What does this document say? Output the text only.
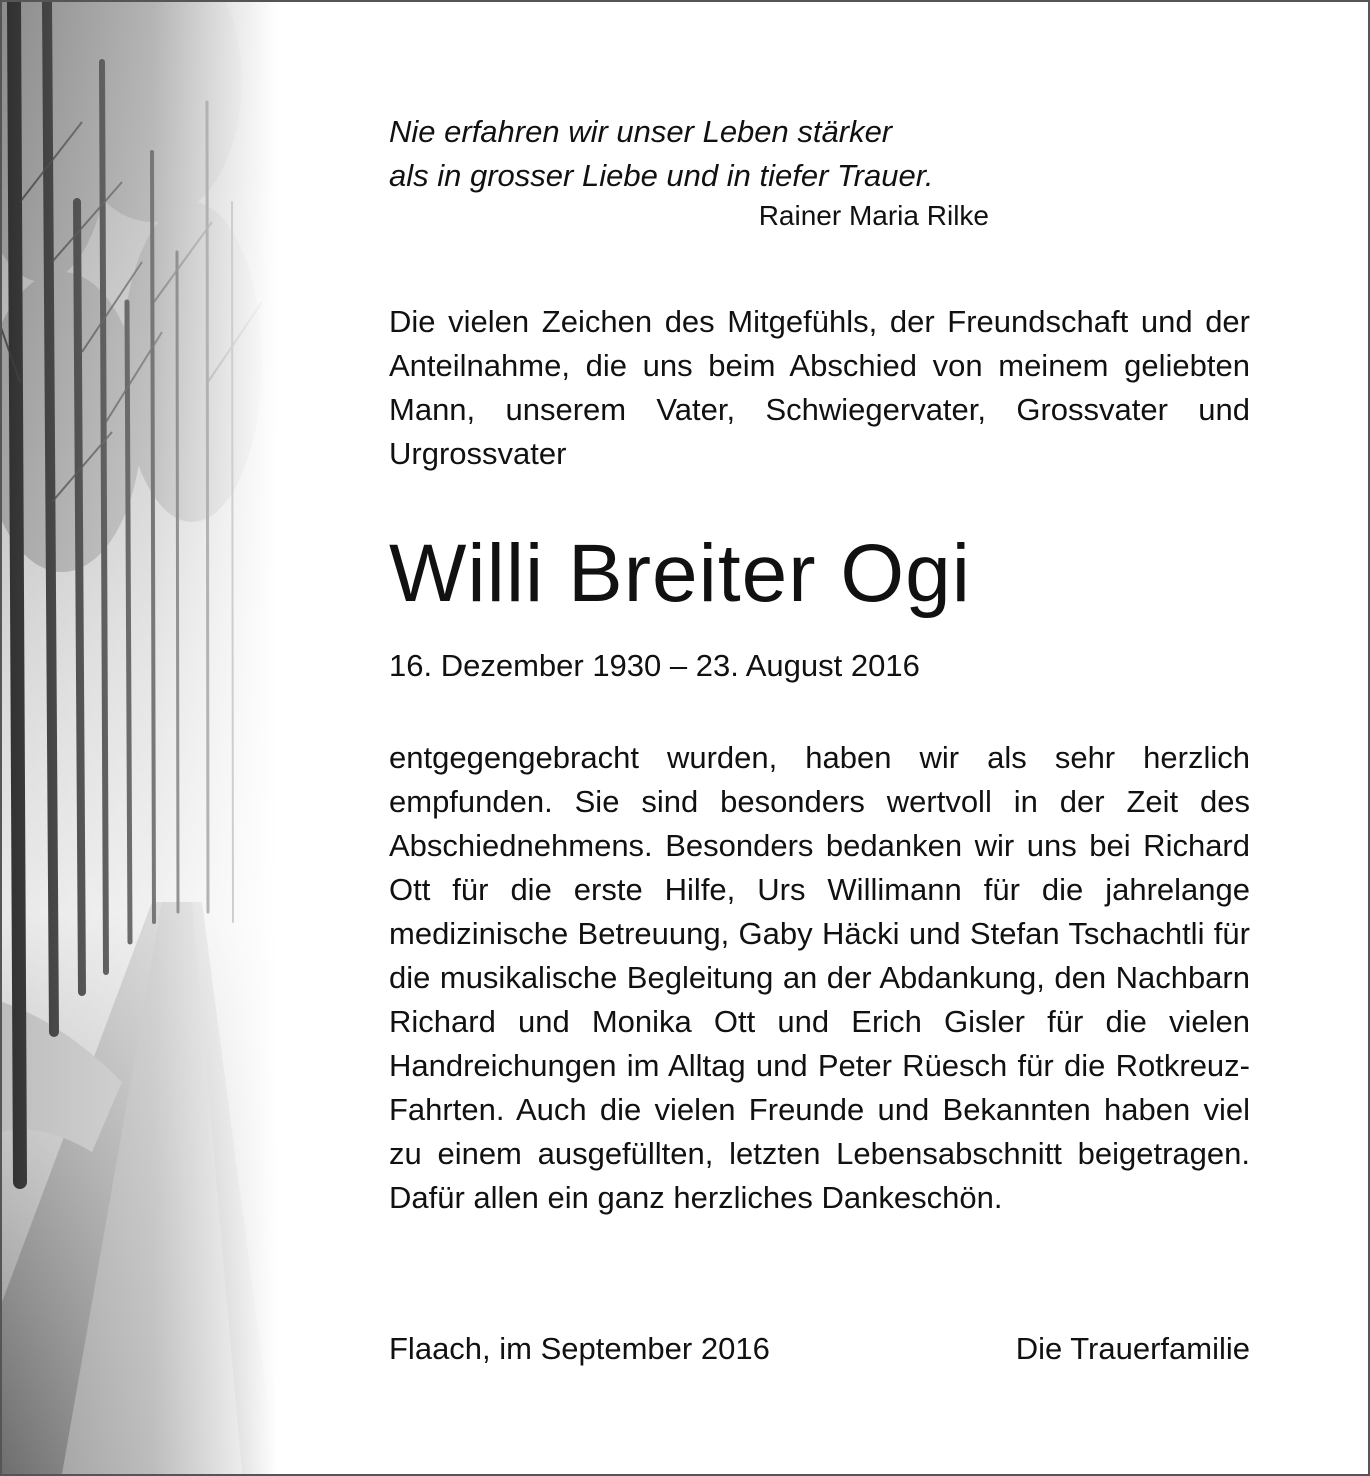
Nie erfahren wir unser Leben stärker
als in grosser Liebe und in tiefer Trauer.
Rainer Maria Rilke
Die vielen Zeichen des Mitgefühls, der Freundschaft und der Anteilnahme, die uns beim Abschied von meinem geliebten Mann, unserem Vater, Schwiegervater, Grossvater und Urgrossvater
Willi Breiter Ogi
16. Dezember 1930 – 23. August 2016
entgegengebracht wurden, haben wir als sehr herzlich empfunden. Sie sind besonders wertvoll in der Zeit des Abschiednehmens. Besonders bedanken wir uns bei Richard Ott für die erste Hilfe, Urs Willimann für die jahrelange medizinische Betreuung, Gaby Häcki und Stefan Tschachtli für die musikalische Begleitung an der Abdankung, den Nachbarn Richard und Monika Ott und Erich Gisler für die vielen Handreichungen im Alltag und Peter Rüesch für die Rotkreuz-Fahrten. Auch die vielen Freunde und Bekannten haben viel zu einem ausgefüllten, letzten Lebensabschnitt beigetragen. Dafür allen ein ganz herzliches Dankeschön.
Flaach, im September 2016	Die Trauerfamilie
